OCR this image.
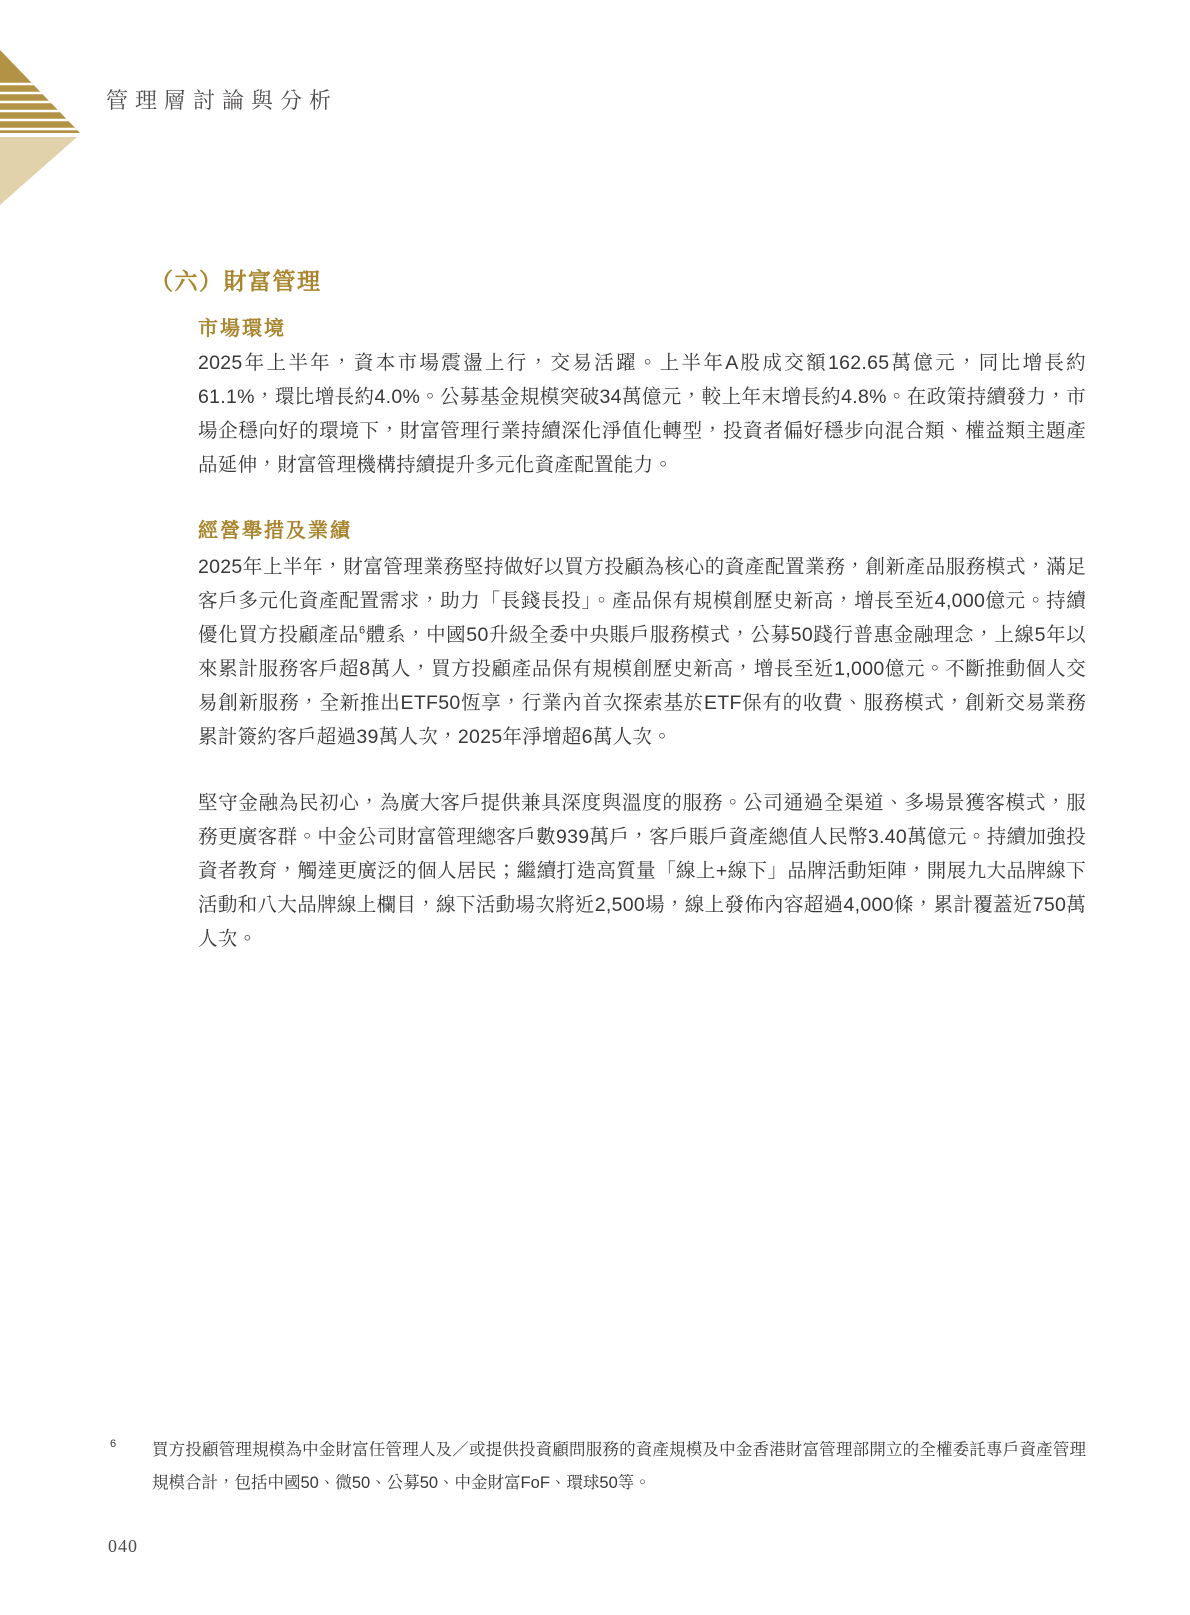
管理層討論與分析
（六）財富管理
市場環境

2025年上半年，資本市場震盪上行，交易活躍。上半年A股成交額162.65萬億元，同比增長約61.1%，環比增長約4.0%。公募基金規模突破34萬億元，較上年末增長約4.8%。在政策持續發力，市場企穩向好的環境下，財富管理行業持續深化淨值化轉型，投資者偏好穩步向混合類、權益類主題產品延伸，財富管理機構持續提升多元化資產配置能力。

經營舉措及業績

2025年上半年，財富管理業務堅持做好以買方投顧為核心的資產配置業務，創新產品服務模式，滿足客戶多元化資產配置需求，助力「長錢長投」。產品保有規模創歷史新高，增長至近4,000億元。持續優化買方投顧產品$^6$體系，中國50升級全委中央賬戶服務模式，公募50踐行普惠金融理念，上線5年以來累計服務客戶超8萬人，買方投顧產品保有規模創歷史新高，增長至近1,000億元。不斷推動個人交易創新服務，全新推出ETF50恆享，行業內首次探索基於ETF保有的收費、服務模式，創新交易業務累計簽約客戶超過39萬人次，2025年淨增超6萬人次。

堅守金融為民初心，為廣大客戶提供兼具深度與溫度的服務。公司通過全渠道、多場景獲客模式，服務更廣客群。中金公司財富管理總客戶數939萬戶，客戶賬戶資產總值人民幣3.40萬億元。持續加強投資者教育，觸達更廣泛的個人居民；繼續打造高質量「線上+線下」品牌活動矩陣，開展九大品牌線下活動和八大品牌線上欄目，線下活動場次將近2,500場，線上發佈內容超過4,000條，累計覆蓋近750萬人次。

6 買方投顧管理規模為中金財富任管理人及／或提供投資顧問服務的資產規模及中金香港財富管理部開立的全權委託專戶資產管理規模合計，包括中國50、微50、公募50、中金財富FoF、環球50等。

040
